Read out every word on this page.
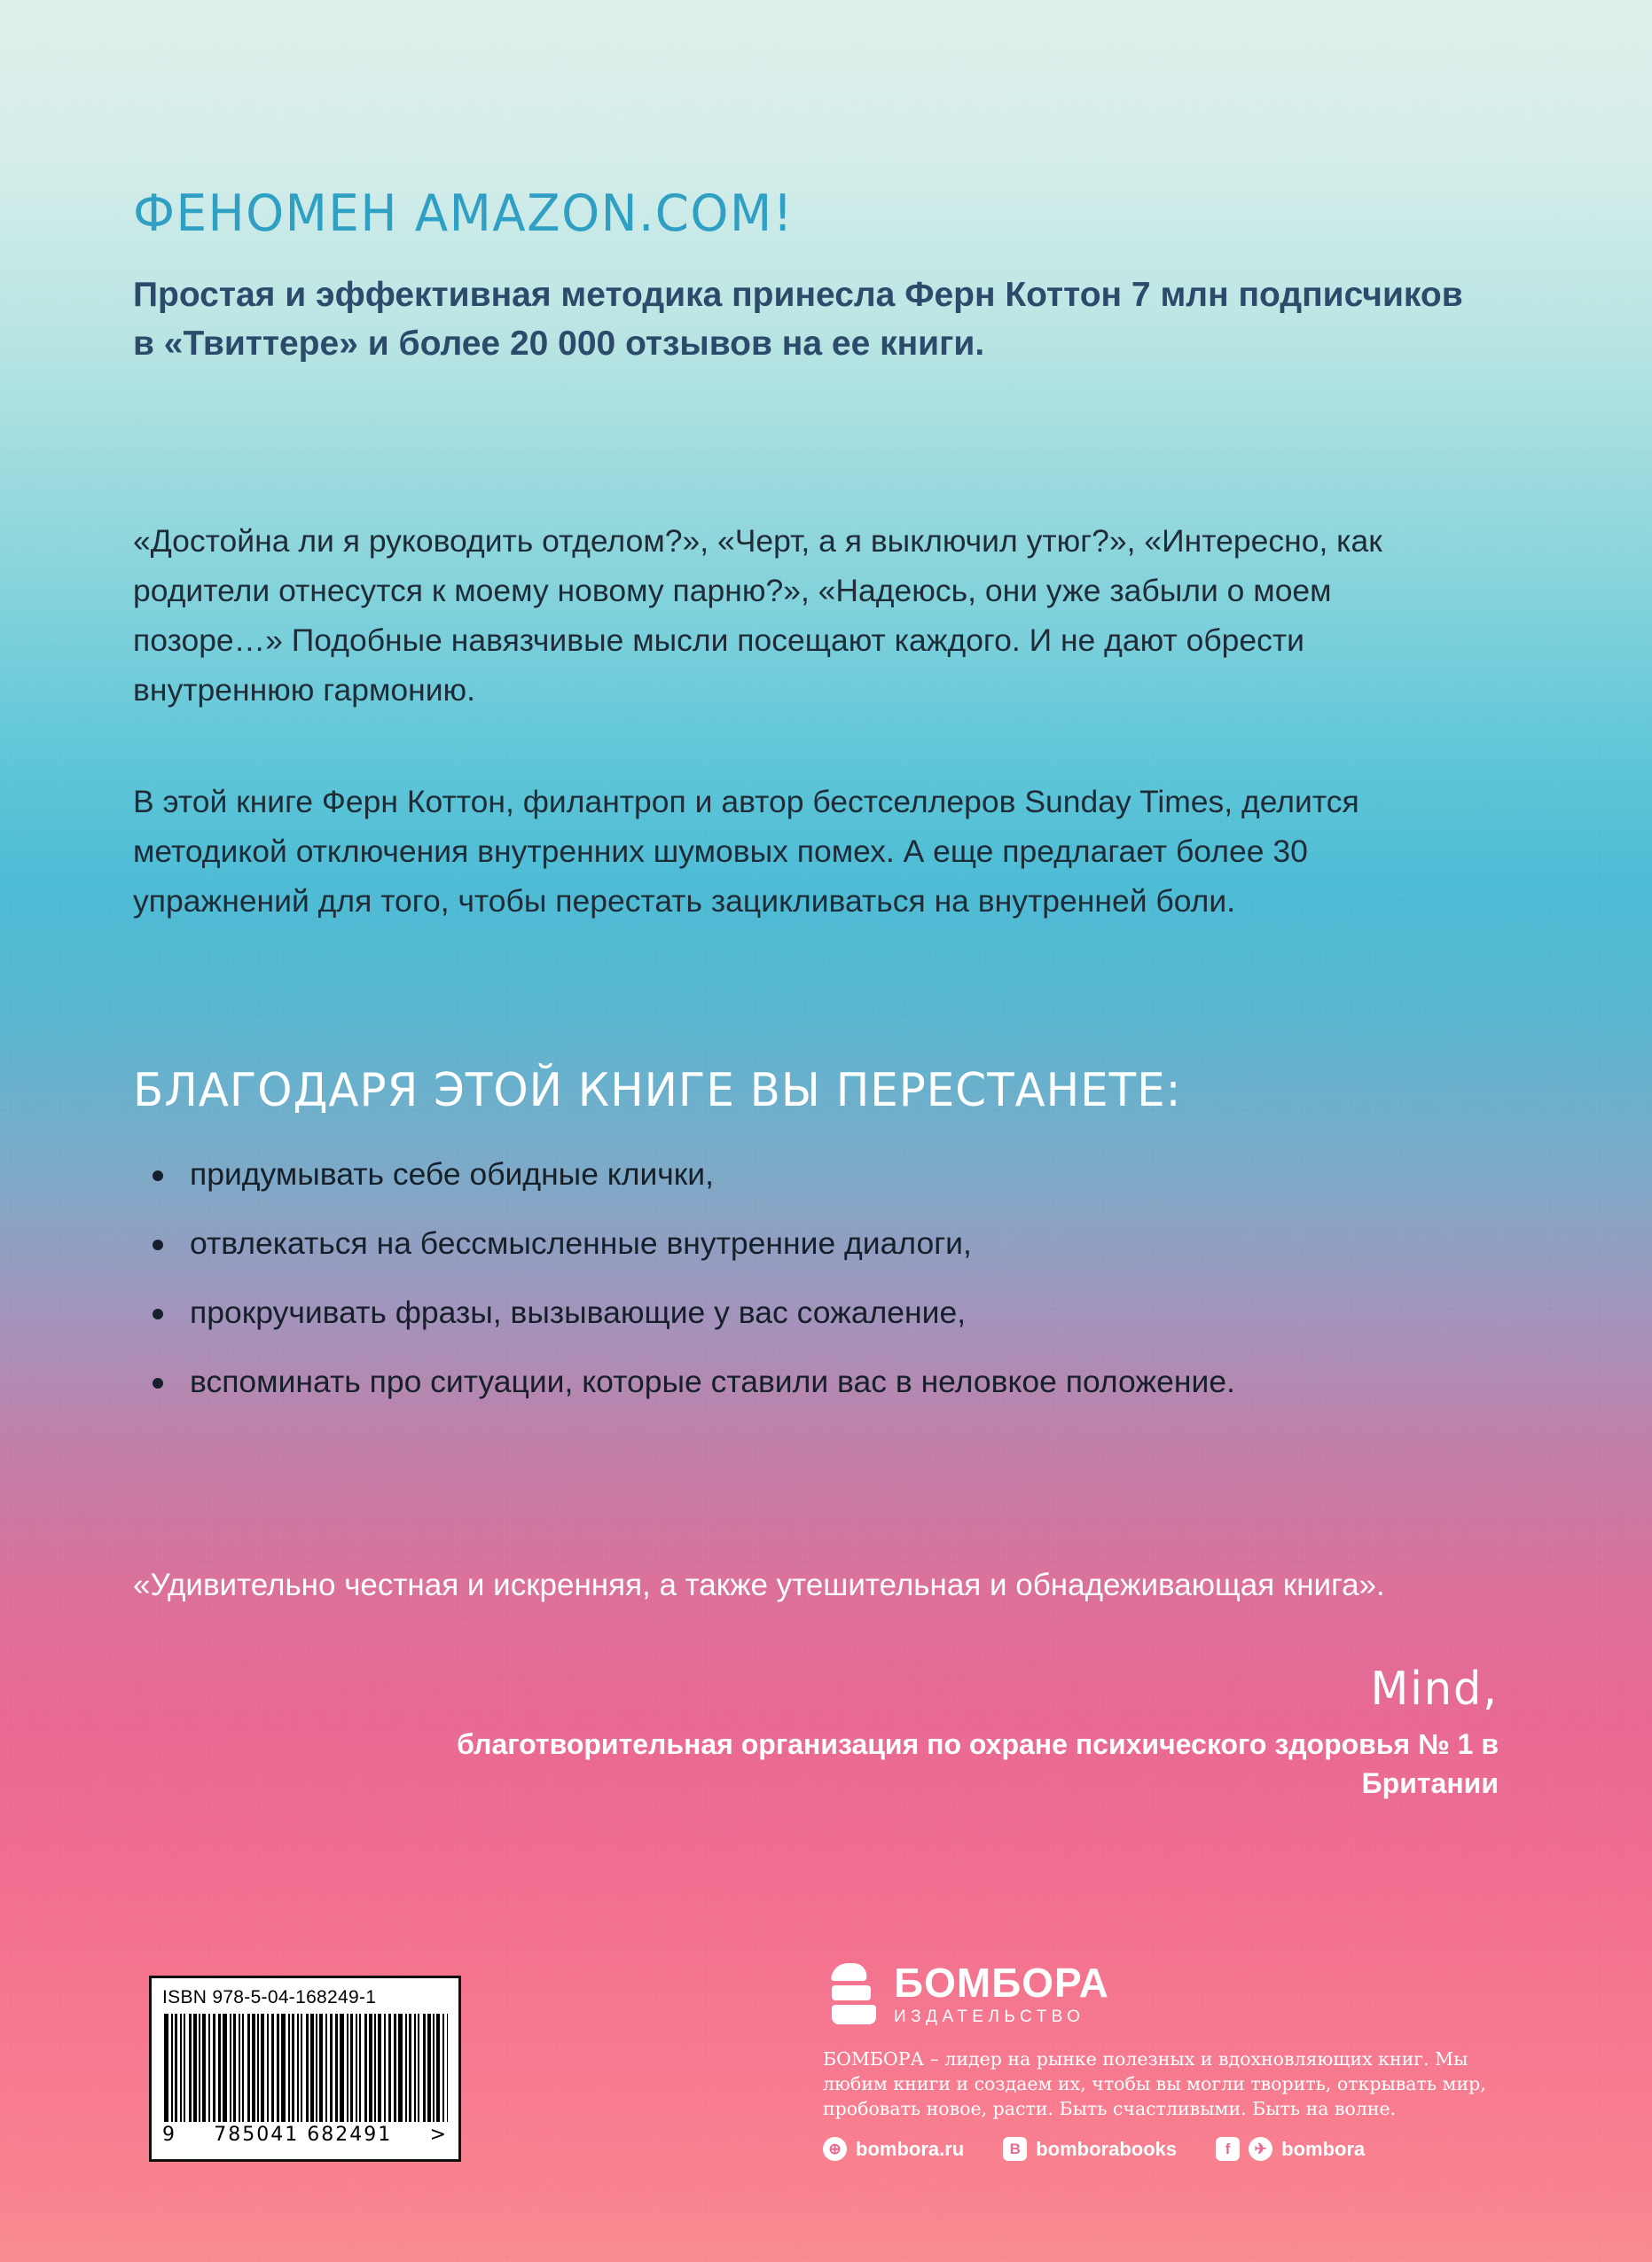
ФЕНОМЕН AMAZON.COM!
Простая и эффективная методика принесла Ферн Коттон 7 млн подписчиков в «Твиттере» и более 20 000 отзывов на ее книги.
«Достойна ли я руководить отделом?», «Черт, а я выключил утюг?», «Интересно, как родители отнесутся к моему новому парню?», «Надеюсь, они уже забыли о моем позоре…» Подобные навязчивые мысли посещают каждого. И не дают обрести внутреннюю гармонию.
В этой книге Ферн Коттон, филантроп и автор бестселлеров Sunday Times, делится методикой отключения внутренних шумовых помех. А еще предлагает более 30 упражнений для того, чтобы перестать зацикливаться на внутренней боли.
БЛАГОДАРЯ ЭТОЙ КНИГЕ ВЫ ПЕРЕСТАНЕТЕ:
придумывать себе обидные клички,
отвлекаться на бессмысленные внутренние диалоги,
прокручивать фразы, вызывающие у вас сожаление,
вспоминать про ситуации, которые ставили вас в неловкое положение.
«Удивительно честная и искренняя, а также утешительная и обнадеживающая книга».
Mind,
благотворительная организация по охране психического здоровья № 1 в Британии
ISBN 978-5-04-168249-1
9 785041 682491 >
БОМБОРА
ИЗДАТЕЛЬСТВО
БОМБОРА – лидер на рынке полезных и вдохновляющих книг. Мы любим книги и создаем их, чтобы вы могли творить, открывать мир, пробовать новое, расти. Быть счастливыми. Быть на волне.
⊕ bombora.ru	B bomborabooks	f	✈ bombora
